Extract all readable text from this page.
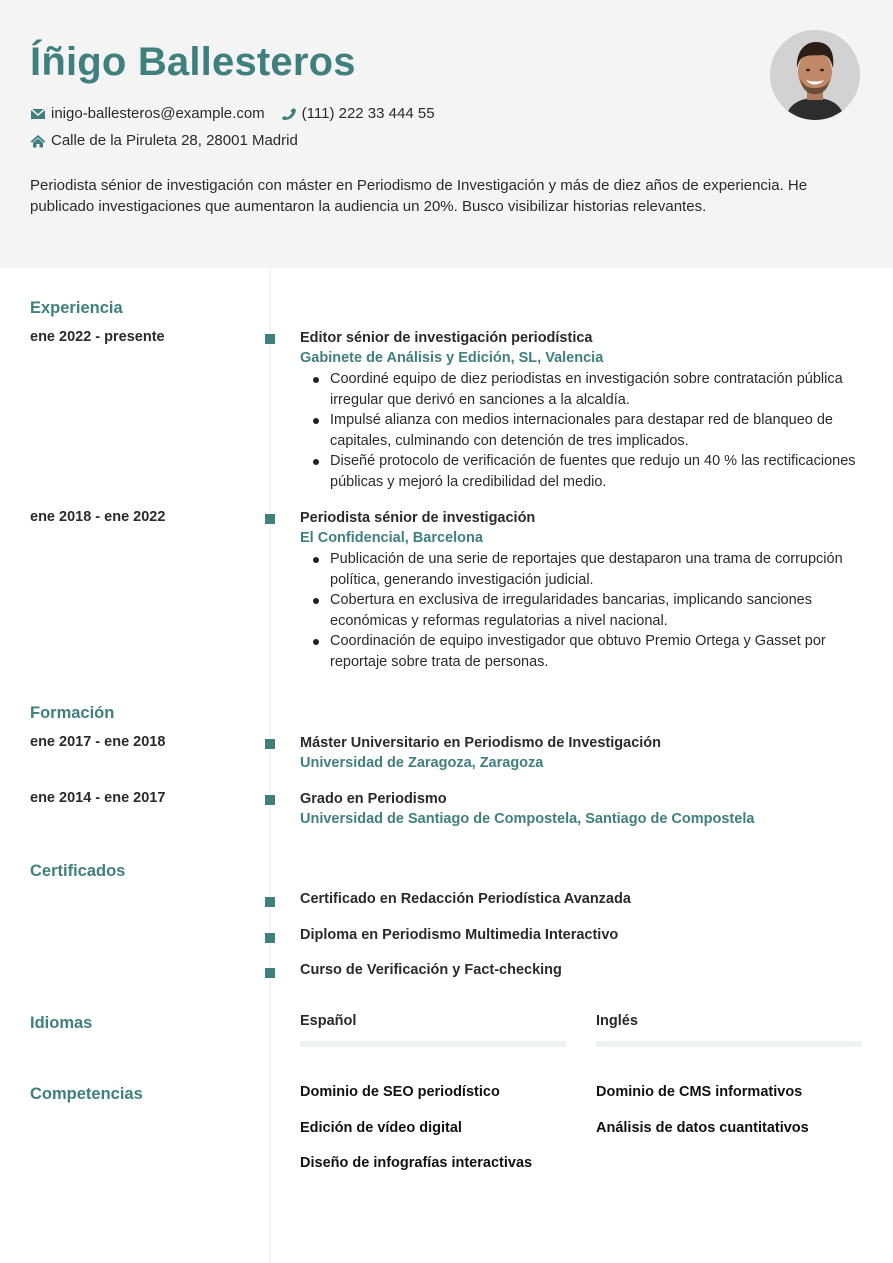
Íñigo Ballesteros
inigo-ballesteros@example.com (111) 222 33 444 55
Calle de la Piruleta 28, 28001 Madrid
Periodista sénior de investigación con máster en Periodismo de Investigación y más de diez años de experiencia. He publicado investigaciones que aumentaron la audiencia un 20%. Busco visibilizar historias relevantes.
Experiencia
ene 2022 - presente	Editor sénior de investigación periodística
Gabinete de Análisis y Edición, SL, Valencia
Coordiné equipo de diez periodistas en investigación sobre contratación pública irregular que derivó en sanciones a la alcaldía.
Impulsé alianza con medios internacionales para destapar red de blanqueo de capitales, culminando con detención de tres implicados.
Diseñé protocolo de verificación de fuentes que redujo un 40 % las rectificaciones públicas y mejoró la credibilidad del medio.
ene 2018 - ene 2022	Periodista sénior de investigación
El Confidencial, Barcelona
Publicación de una serie de reportajes que destaparon una trama de corrupción política, generando investigación judicial.
Cobertura en exclusiva de irregularidades bancarias, implicando sanciones económicas y reformas regulatorias a nivel nacional.
Coordinación de equipo investigador que obtuvo Premio Ortega y Gasset por reportaje sobre trata de personas.
Formación
ene 2017 - ene 2018	Máster Universitario en Periodismo de Investigación
Universidad de Zaragoza, Zaragoza
ene 2014 - ene 2017	Grado en Periodismo
Universidad de Santiago de Compostela, Santiago de Compostela
Certificados
Certificado en Redacción Periodística Avanzada
Diploma en Periodismo Multimedia Interactivo
Curso de Verificación y Fact-checking
Idiomas	Español	Inglés
Competencias	Dominio de SEO periodístico	Dominio de CMS informativos
Edición de vídeo digital	Análisis de datos cuantitativos
Diseño de infografías interactivas
